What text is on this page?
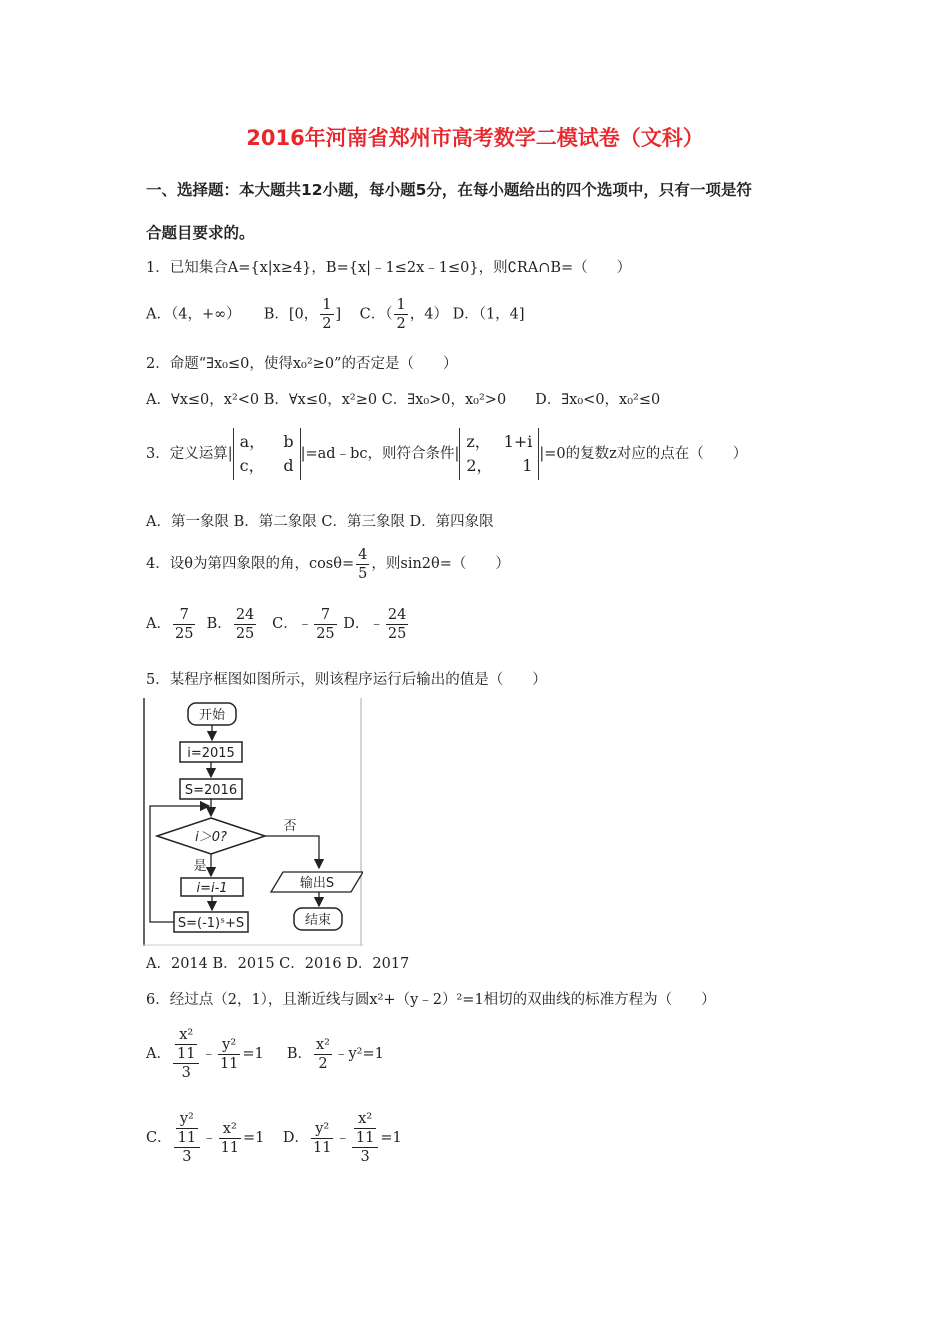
2016年河南省郑州市高考数学二模试卷（文科）
一、选择题：本大题共12小题，每小题5分，在每小题给出的四个选项中，只有一项是符
合题目要求的。
1．已知集合A={x|x≥4}，B={x|﹣1≤2x﹣1≤0}，则∁RA∩B=（　　）
A．（4，+∞） B．[0， $\frac{1}{2}$ ] C．（ $\frac{1}{2}$ ，4） D．（1，4]
2．命题“∃x₀≤0，使得x₀²≥0”的否定是（　　）
A．∀x≤0，x²<0 B．∀x≤0，x²≥0 C．∃x₀>0，x₀²>0　　D．∃x₀<0，x₀²≤0
3．定义运算|
a， b
c， d
|=ad﹣bc，则符合条件|
z， 1+i
2， 1
|=0的复数z对应的点在（　　）
A．第一象限 B．第二象限 C．第三象限 D．第四象限
4．设θ为第四象限的角，$\cos\theta= \frac{4}{5}$ ，则sin2θ=（　　）
A． $\frac{7}{25}$ B． $\frac{24}{25}$ C．﹣ $\frac{7}{25}$ D．﹣ $\frac{24}{25}$
5．某程序框图如图所示，则该程序运行后输出的值是（　　）
开始
i=2015
S=2016
i＞0?
是
否
i=i-1
S=(-1)ˢ+S
输出S
结束
A．2014 B．2015 C．2016 D．2017
6．经过点（2，1），且渐近线与圆x²+（y﹣2）²=1相切的双曲线的标准方程为（　　）
A． $\frac{\frac{\text{x²}}{11}}{3}$ ﹣ $\frac{\text{y²}}{11} =1$ B． $\frac{\text{x²}}{2}$ ﹣y²=1
C． $\frac{\frac{\text{y²}}{11}}{3}$ ﹣ $\frac{\text{x²}}{11} =1$ D． $\frac{\text{y²}}{11}$ ﹣ $\frac{\frac{\text{x²}}{11}}{3} =1$
